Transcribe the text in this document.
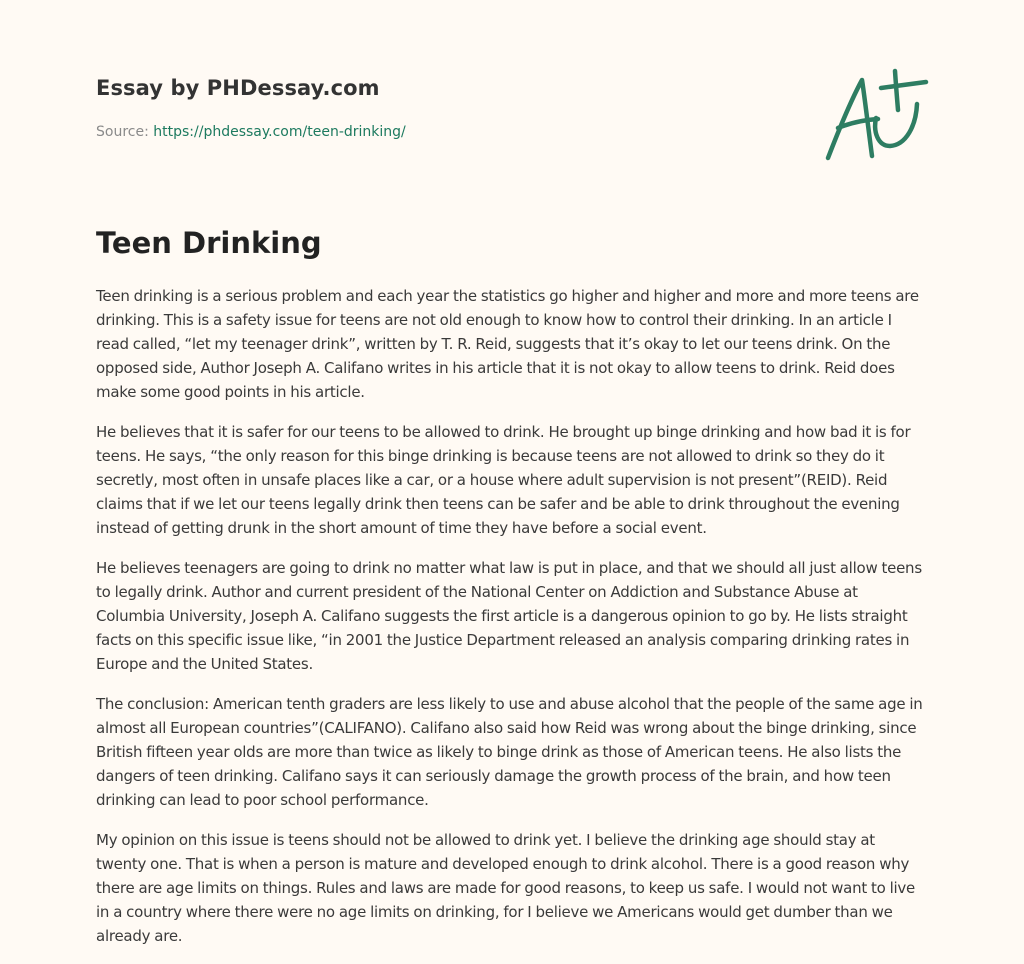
Essay by PHDessay.com
Source: https://phdessay.com/teen-drinking/
Teen Drinking

Teen drinking is a serious problem and each year the statistics go higher and higher and more and more teens are drinking. This is a safety issue for teens are not old enough to know how to control their drinking. In an article I read called, “let my teenager drink”, written by T. R. Reid, suggests that it’s okay to let our teens drink. On the opposed side, Author Joseph A. Califano writes in his article that it is not okay to allow teens to drink. Reid does make some good points in his article.

He believes that it is safer for our teens to be allowed to drink. He brought up binge drinking and how bad it is for teens. He says, “the only reason for this binge drinking is because teens are not allowed to drink so they do it secretly, most often in unsafe places like a car, or a house where adult supervision is not present”(REID). Reid claims that if we let our teens legally drink then teens can be safer and be able to drink throughout the evening instead of getting drunk in the short amount of time they have before a social event.

He believes teenagers are going to drink no matter what law is put in place, and that we should all just allow teens to legally drink. Author and current president of the National Center on Addiction and Substance Abuse at Columbia University, Joseph A. Califano suggests the first article is a dangerous opinion to go by. He lists straight facts on this specific issue like, “in 2001 the Justice Department released an analysis comparing drinking rates in Europe and the United States.

The conclusion: American tenth graders are less likely to use and abuse alcohol that the people of the same age in almost all European countries”(CALIFANO). Califano also said how Reid was wrong about the binge drinking, since British fifteen year olds are more than twice as likely to binge drink as those of American teens. He also lists the dangers of teen drinking. Califano says it can seriously damage the growth process of the brain, and how teen drinking can lead to poor school performance.

My opinion on this issue is teens should not be allowed to drink yet. I believe the drinking age should stay at twenty one. That is when a person is mature and developed enough to drink alcohol. There is a good reason why there are age limits on things. Rules and laws are made for good reasons, to keep us safe. I would not want to live in a country where there were no age limits on drinking, for I believe we Americans would get dumber than we already are.
